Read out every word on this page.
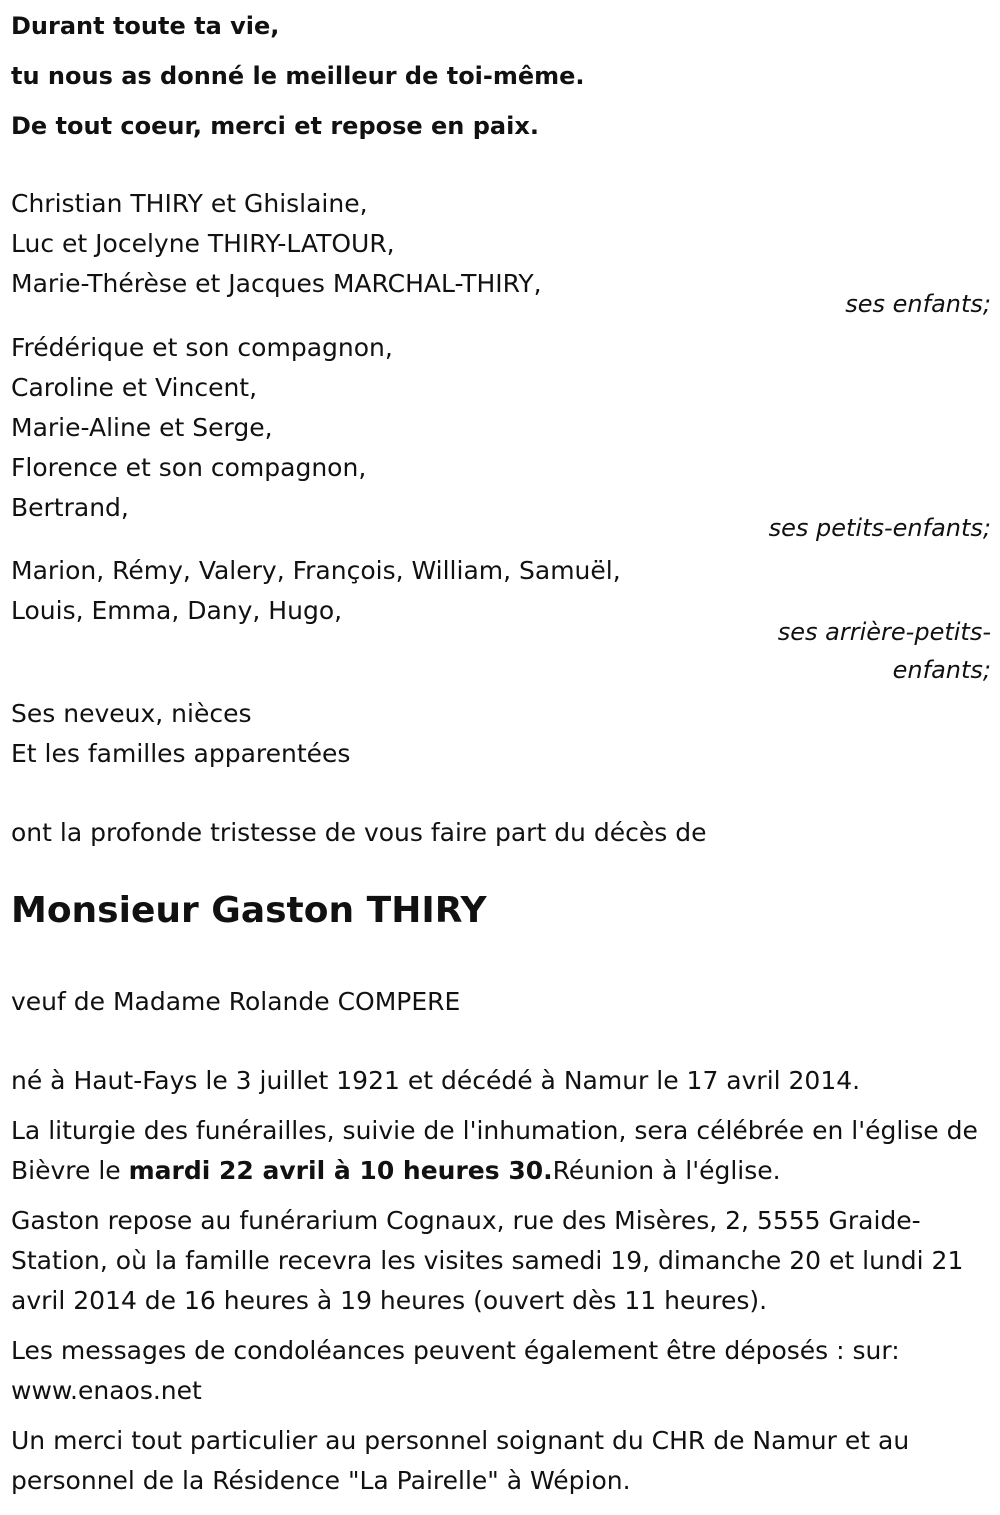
Durant toute ta vie,
tu nous as donné le meilleur de toi-même.
De tout coeur, merci et repose en paix.
Christian THIRY et Ghislaine,
Luc et Jocelyne THIRY-LATOUR,
Marie-Thérèse et Jacques MARCHAL-THIRY,
ses enfants;
Frédérique et son compagnon,
Caroline et Vincent,
Marie-Aline et Serge,
Florence et son compagnon,
Bertrand,
ses petits-enfants;
Marion, Rémy, Valery, François, William, Samuël,
Louis, Emma, Dany, Hugo,
ses arrière-petits-
enfants;
Ses neveux, nièces
Et les familles apparentées
ont la profonde tristesse de vous faire part du décès de
Monsieur Gaston THIRY
veuf de Madame Rolande COMPERE
né à Haut-Fays le 3 juillet 1921 et décédé à Namur le 17 avril 2014.
La liturgie des funérailles, suivie de l'inhumation, sera célébrée en l'église de Bièvre le mardi 22 avril à 10 heures 30.Réunion à l'église.
Gaston repose au funérarium Cognaux, rue des Misères, 2, 5555 Graide-Station, où la famille recevra les visites samedi 19, dimanche 20 et lundi 21 avril 2014 de 16 heures à 19 heures (ouvert dès 11 heures).
Les messages de condoléances peuvent également être déposés : sur: www.enaos.net
Un merci tout particulier au personnel soignant du CHR de Namur et au personnel de la Résidence "La Pairelle" à Wépion.
